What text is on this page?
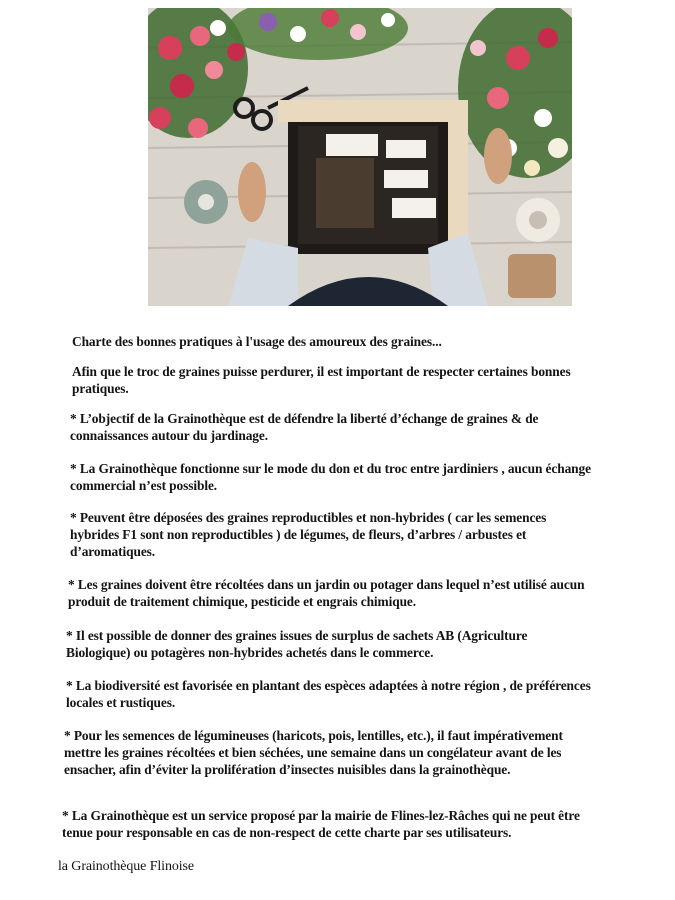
Charte des bonnes pratiques à l'usage des amoureux des graines...
Afin que le troc de graines puisse perdurer, il est important de respecter certaines bonnes
pratiques.
* L’objectif de la Grainothèque est de défendre la liberté d’échange de graines & de
connaissances autour du jardinage.
* La Grainothèque fonctionne sur le mode du don et du troc entre jardiniers , aucun échange
commercial n’est possible.
* Peuvent être déposées des graines reproductibles et non-hybrides ( car les semences
hybrides F1 sont non reproductibles ) de légumes, de fleurs, d’arbres / arbustes et
d’aromatiques.
* Les graines doivent être récoltées dans un jardin ou potager dans lequel n’est utilisé aucun
produit de traitement chimique, pesticide et engrais chimique.
* Il est possible de donner des graines issues de surplus de sachets AB (Agriculture
Biologique) ou potagères non-hybrides achetés dans le commerce.
* La biodiversité est favorisée en plantant des espèces adaptées à notre région , de préférences
locales et rustiques.
* Pour les semences de légumineuses (haricots, pois, lentilles, etc.), il faut impérativement
mettre les graines récoltées et bien séchées, une semaine dans un congélateur avant de les
ensacher, afin d’éviter la prolifération d’insectes nuisibles dans la grainothèque.
* La Grainothèque est un service proposé par la mairie de Flines-lez-Râches qui ne peut être
tenue pour responsable en cas de non-respect de cette charte par ses utilisateurs.
la Grainothèque Flinoise
